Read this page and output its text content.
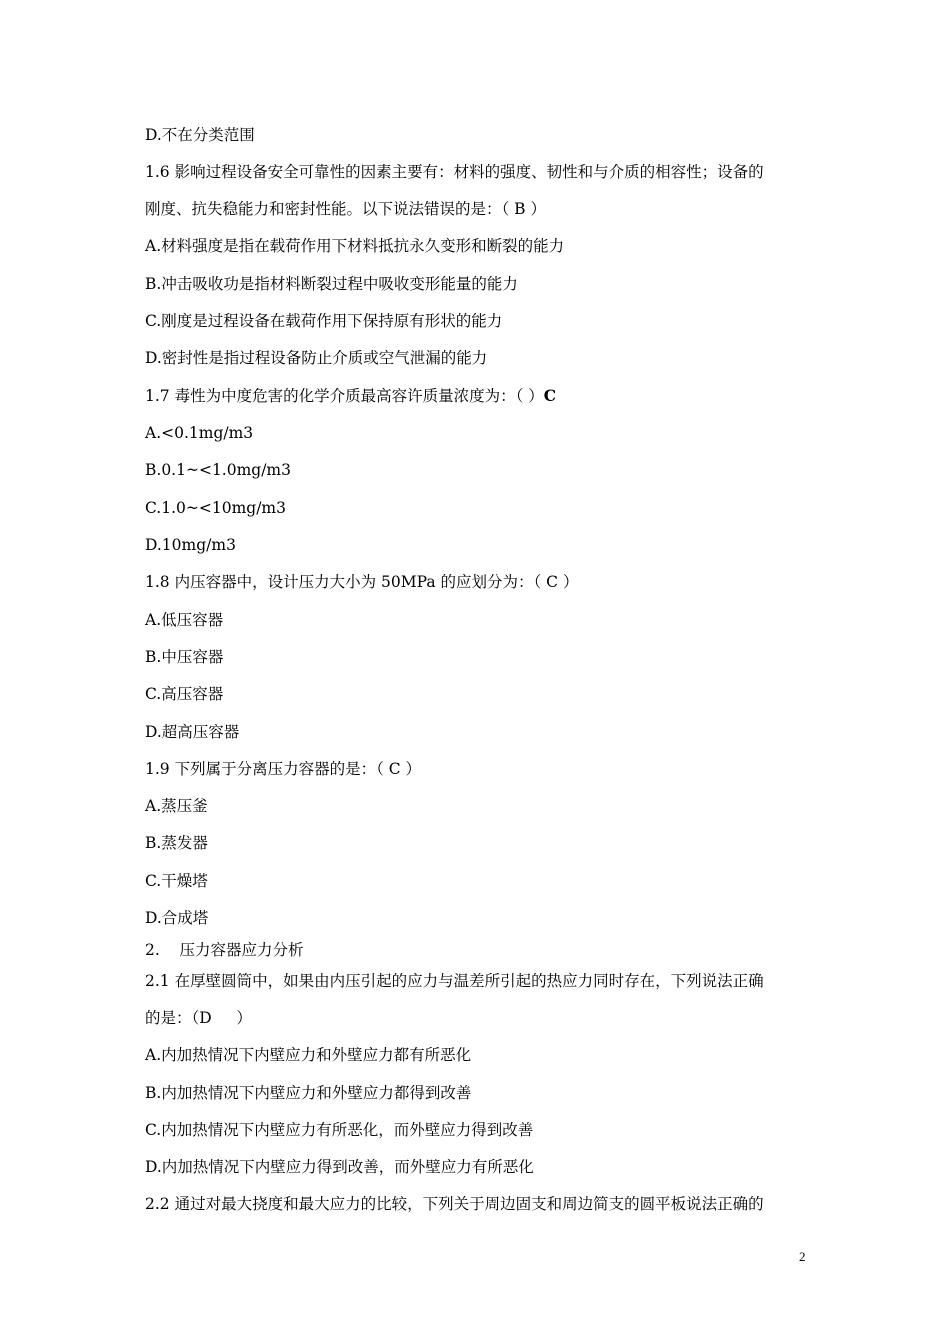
D.不在分类范围
1.6 影响过程设备安全可靠性的因素主要有：材料的强度、韧性和与介质的相容性；设备的
刚度、抗失稳能力和密封性能。以下说法错误的是：（ B ）
A.材料强度是指在载荷作用下材料抵抗永久变形和断裂的能力
B.冲击吸收功是指材料断裂过程中吸收变形能量的能力
C.刚度是过程设备在载荷作用下保持原有形状的能力
D.密封性是指过程设备防止介质或空气泄漏的能力
1.7 毒性为中度危害的化学介质最高容许质量浓度为：（ ）C
A.<0.1mg/m3
B.0.1~<1.0mg/m3
C.1.0~<10mg/m3
D.10mg/m3
1.8 内压容器中，设计压力大小为 50MPa 的应划分为：（ C ）
A.低压容器
B.中压容器
C.高压容器
D.超高压容器
1.9 下列属于分离压力容器的是：（ C ）
A.蒸压釜
B.蒸发器
C.干燥塔
D.合成塔
2.    压力容器应力分析
2.1 在厚壁圆筒中，如果由内压引起的应力与温差所引起的热应力同时存在，下列说法正确
的是：（D     ）
A.内加热情况下内壁应力和外壁应力都有所恶化
B.内加热情况下内壁应力和外壁应力都得到改善
C.内加热情况下内壁应力有所恶化，而外壁应力得到改善
D.内加热情况下内壁应力得到改善，而外壁应力有所恶化
2.2 通过对最大挠度和最大应力的比较，下列关于周边固支和周边简支的圆平板说法正确的
2
